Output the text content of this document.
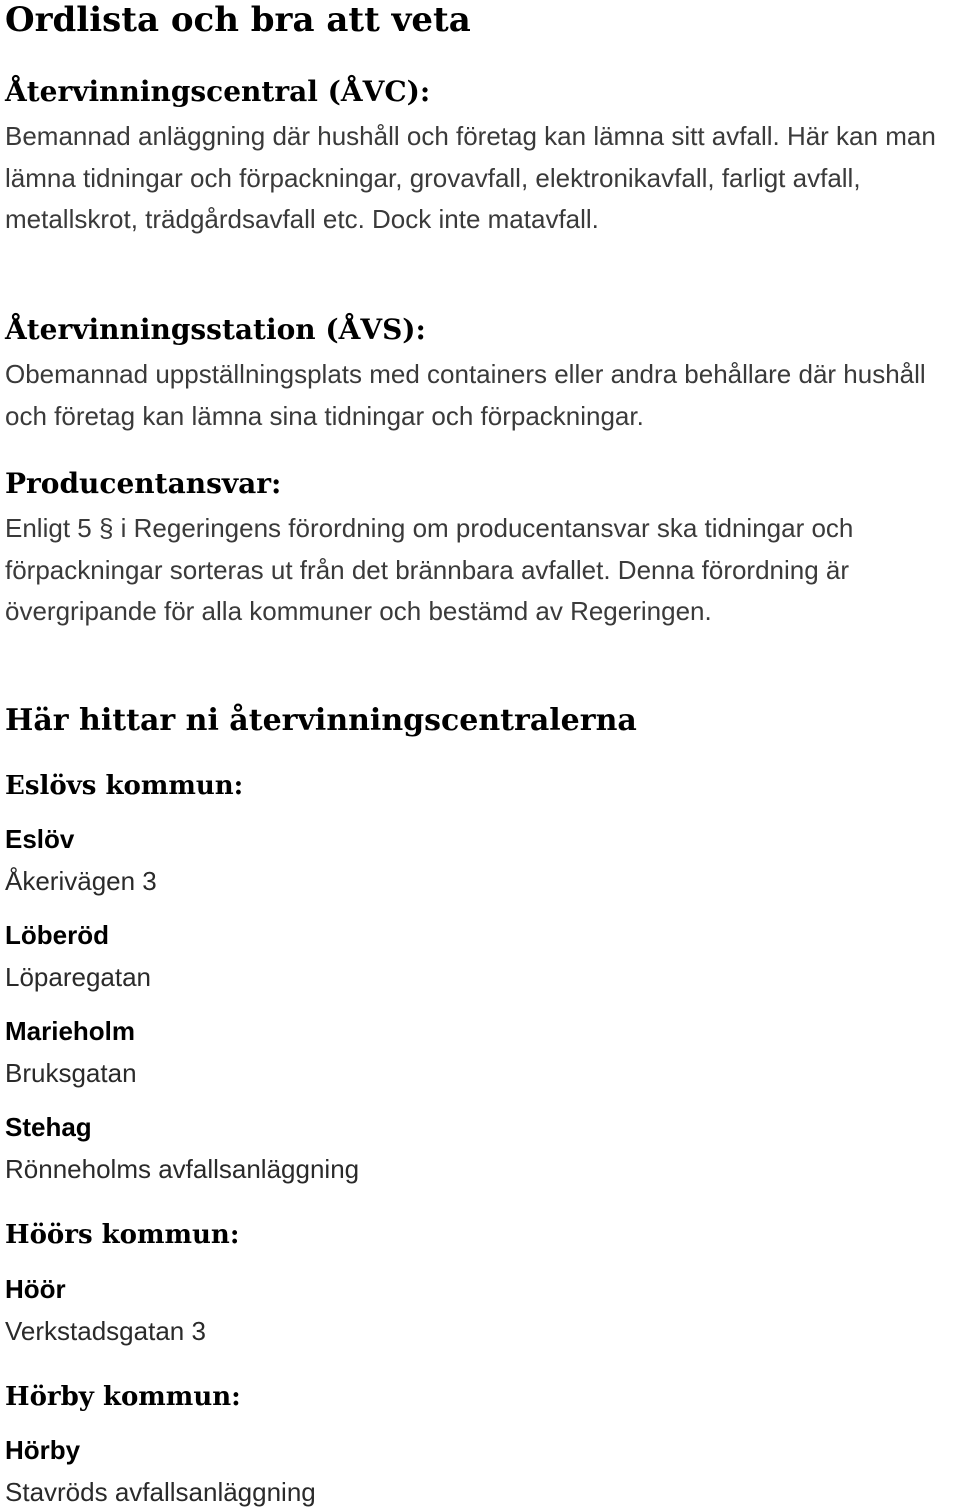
Ordlista och bra att veta
Återvinningscentral (ÅVC):

Bemannad anläggning där hushåll och företag kan lämna sitt avfall. Här kan man lämna tidningar och förpackningar, grovavfall, elektronikavfall, farligt avfall, metallskrot, trädgårdsavfall etc. Dock inte matavfall.

Återvinningsstation (ÅVS):

Obemannad uppställningsplats med containers eller andra behållare där hushåll och företag kan lämna sina tidningar och förpackningar.

Producentansvar:

Enligt 5 § i Regeringens förordning om producentansvar ska tidningar och förpackningar sorteras ut från det brännbara avfallet. Denna förordning är övergripande för alla kommuner och bestämd av Regeringen.

Här hittar ni återvinningscentralerna
Eslövs kommun:

Eslöv

Åkerivägen 3

Löberöd

Löparegatan

Marieholm

Bruksgatan

Stehag

Rönneholms avfallsanläggning

Höörs kommun:

Höör

Verkstadsgatan 3

Hörby kommun:

Hörby

Stavröds avfallsanläggning
